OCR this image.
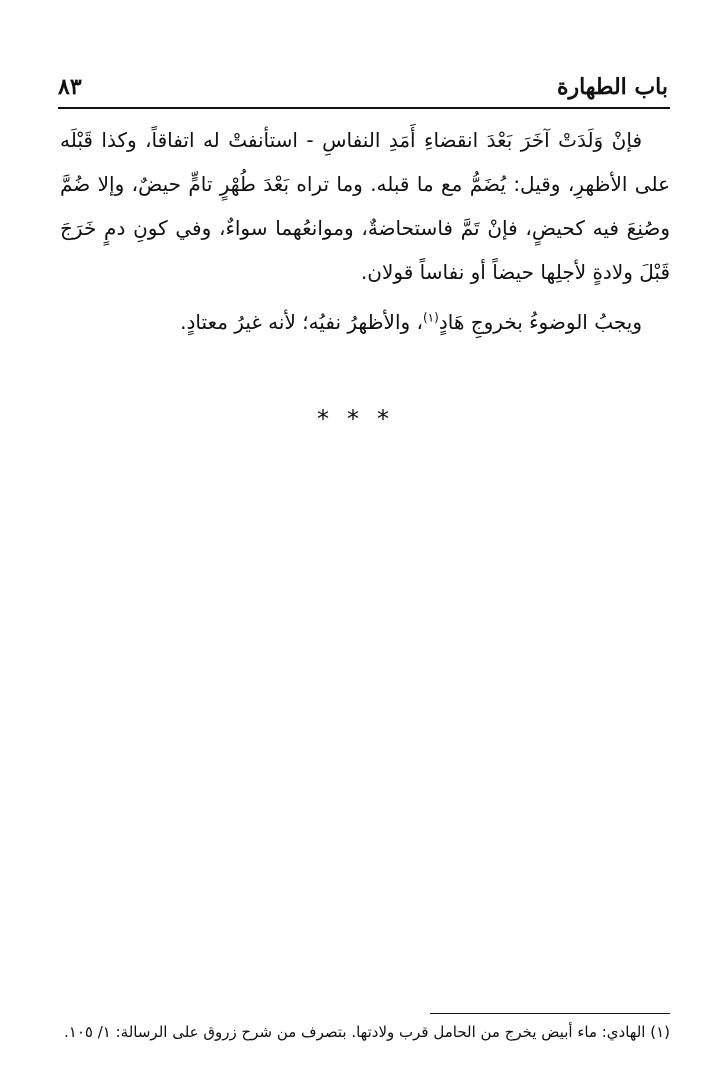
باب الطهارة
٨٣

فإنْ وَلَدَتْ آخَرَ بَعْدَ انقضاءِ أَمَدِ النفاسِ - استأنفتْ له اتفاقاً، وكذا قَبْلَه على الأظهرِ، وقيل: يُضَمُّ مع ما قبله. وما تراه بَعْدَ طُهْرٍ تامٍّ حيضٌ، وإلا ضُمَّ وصُنِعَ فيه كحيضٍ، فإنْ تَمَّ فاستحاضةٌ، وموانعُهما سواءٌ، وفي كونِ دمٍ خَرَجَ قَبْلَ ولادةٍ لأجلِها حيضاً أو نفاساً قولان.

ويجبُ الوضوءُ بخروجِ هَادٍ$^{(١)}$، والأظهرُ نفيُه؛ لأنه غيرُ معتادٍ.

***
(١) الهادي: ماء أبيض يخرج من الحامل قرب ولادتها. بتصرف من شرح زروق على الرسالة: ١/ ١٠٥.
